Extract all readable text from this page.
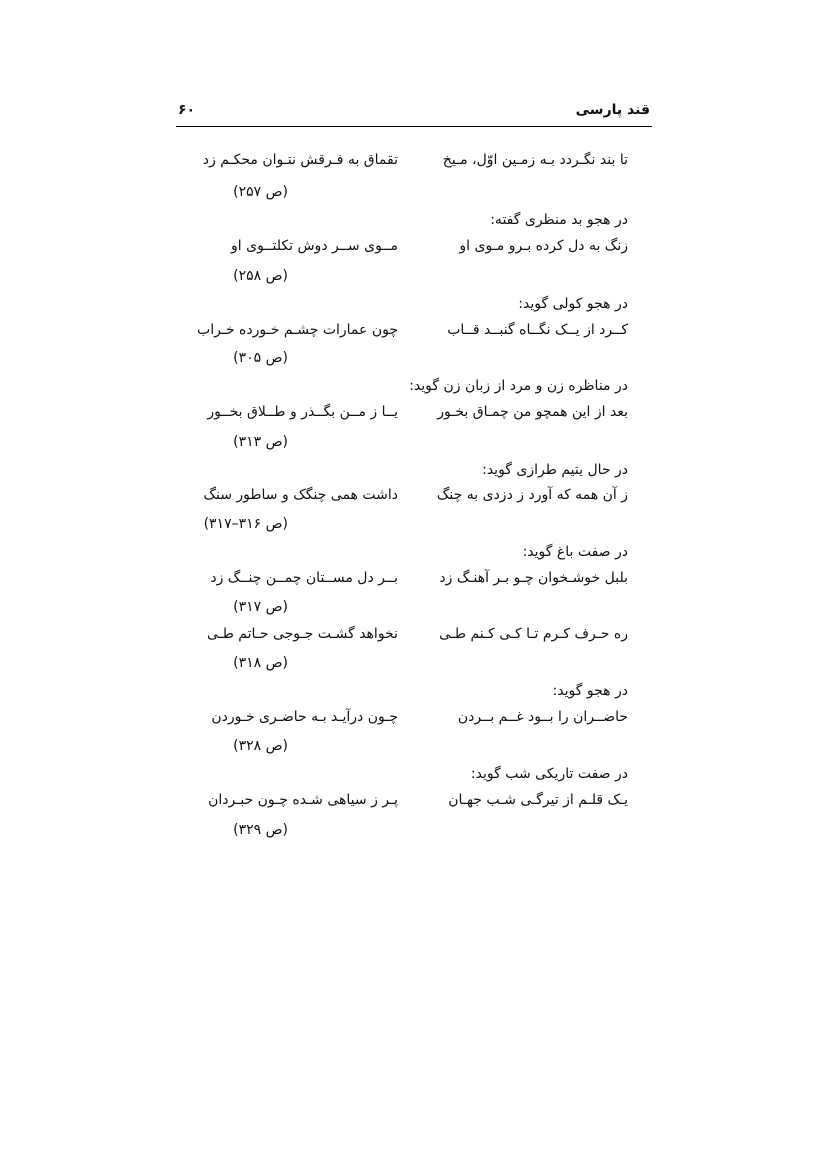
قند پارسی
۶۰
تا بند نگـردد بـه زمـین اوّل، مـیخ
تقماق به فـرقش نتـوان محکـم زد
(ص ۲۵۷)
در هجو بد منظری گفته:
زنگ به دل کرده بـرو مـوی او
مــوی ســر دوش تکلتــوی او
(ص ۲۵۸)
در هجو کولی گوید:
کــرد از یــک نگــاه گنبــد قــاب
چون عمارات چشـم خـورده خـراب
(ص ۳۰۵)
در مناظره زن و مرد از زبان زن گوید:
بعد از این همچو من چمـاق بخـور
یــا ز مــن بگــذر و طــلاق بخــور
(ص ۳۱۳)
در حال یتیم طرازی گوید:
ز آن همه که آورد ز دزدی به چنگ
داشت همی چنگک و ساطور سنگ
(ص ۳۱۶–۳۱۷)
در صفت باغ گوید:
بلبل خوشـخوان چـو بـر آهنـگ زد
بــر دل مســتان چمــن چنــگ زد
(ص ۳۱۷)
ره حـرف کـرم تـا کـی کـنم طـی
نخواهد گشـت جـوجی حـاتم طـی
(ص ۳۱۸)
در هجو گوید:
حاضــران را بــود غــم بــردن
چـون درآیـد بـه حاضـری خـوردن
(ص ۳۲۸)
در صفت تاریکی شب گوید:
یـک قلـم از تیرگـی شـب جهـان
پـر ز سیاهی شـده چـون حبـردان
(ص ۳۲۹)
